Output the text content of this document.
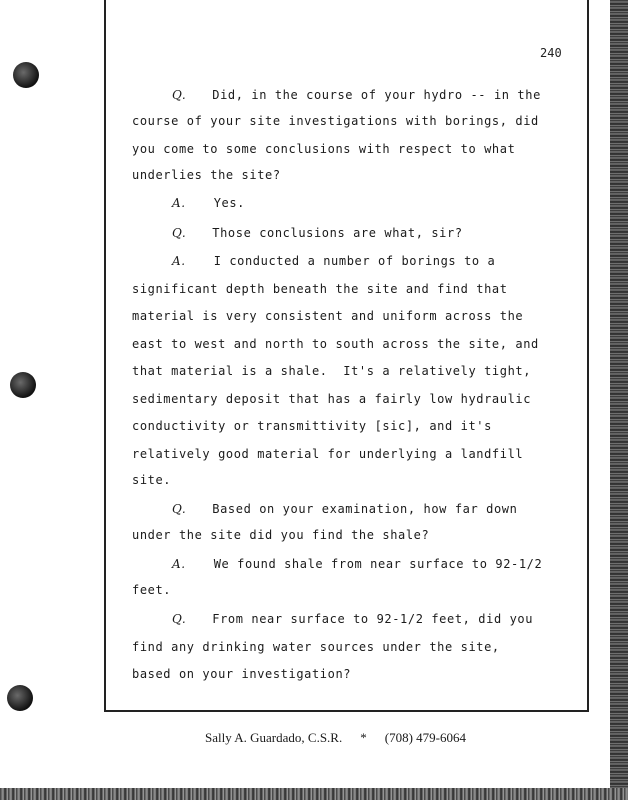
240
Q. Did, in the course of your hydro -- in the
course of your site investigations with borings, did
you come to some conclusions with respect to what
underlies the site?
A. Yes.
Q. Those conclusions are what, sir?
A. I conducted a number of borings to a
significant depth beneath the site and find that
material is very consistent and uniform across the
east to west and north to south across the site, and
that material is a shale.  It's a relatively tight,
sedimentary deposit that has a fairly low hydraulic
conductivity or transmittivity [sic], and it's
relatively good material for underlying a landfill
site.
Q. Based on your examination, how far down
under the site did you find the shale?
A. We found shale from near surface to 92-1/2
feet.
Q. From near surface to 92-1/2 feet, did you
find any drinking water sources under the site,
based on your investigation?
Sally A. Guardado, C.S.R. * (708) 479-6064
